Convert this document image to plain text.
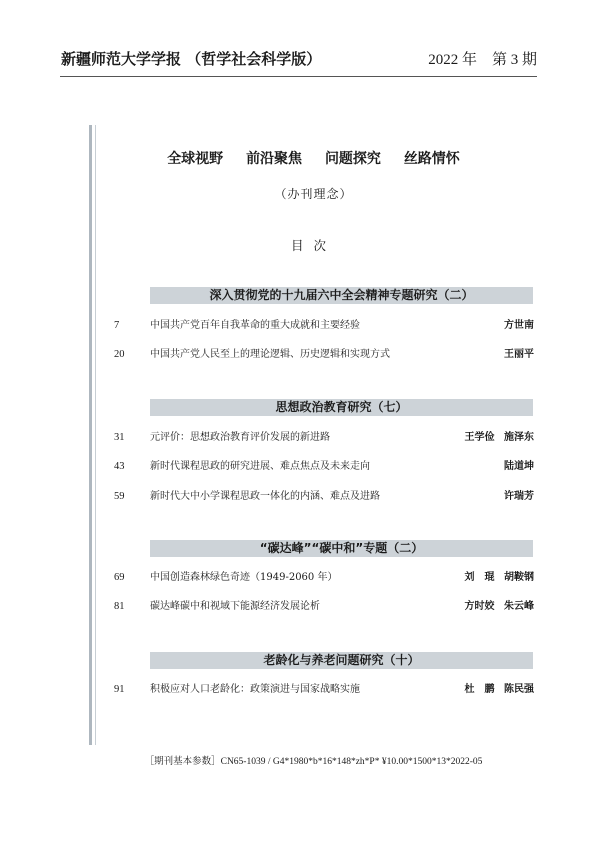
新疆师范大学学报 （哲学社会科学版）	2022 年　第 3 期
全球视野 前沿聚焦 问题探究 丝路情怀
（办刊理念）
目次
深入贯彻党的十九届六中全会精神专题研究（二）
7	中国共产党百年自我革命的重大成就和主要经验	方世南
20	中国共产党人民至上的理论逻辑、历史逻辑和实现方式	王丽平
思想政治教育研究（七）
31	元评价：思想政治教育评价发展的新进路	王学俭 施泽东
43	新时代课程思政的研究进展、难点焦点及未来走向	陆道坤
59	新时代大中小学课程思政一体化的内涵、难点及进路	许瑞芳
“碳达峰”“碳中和”专题（二）
69	中国创造森林绿色奇迹（1949-2060 年）	刘　琨 胡鞍钢
81	碳达峰碳中和视域下能源经济发展论析	方时姣 朱云峰
老龄化与养老问题研究（十）
91	积极应对人口老龄化：政策演进与国家战略实施	杜　鹏 陈民强
［期刊基本参数］CN65-1039 / G4*1980*b*16*148*zh*P* ¥10.00*1500*13*2022-05
